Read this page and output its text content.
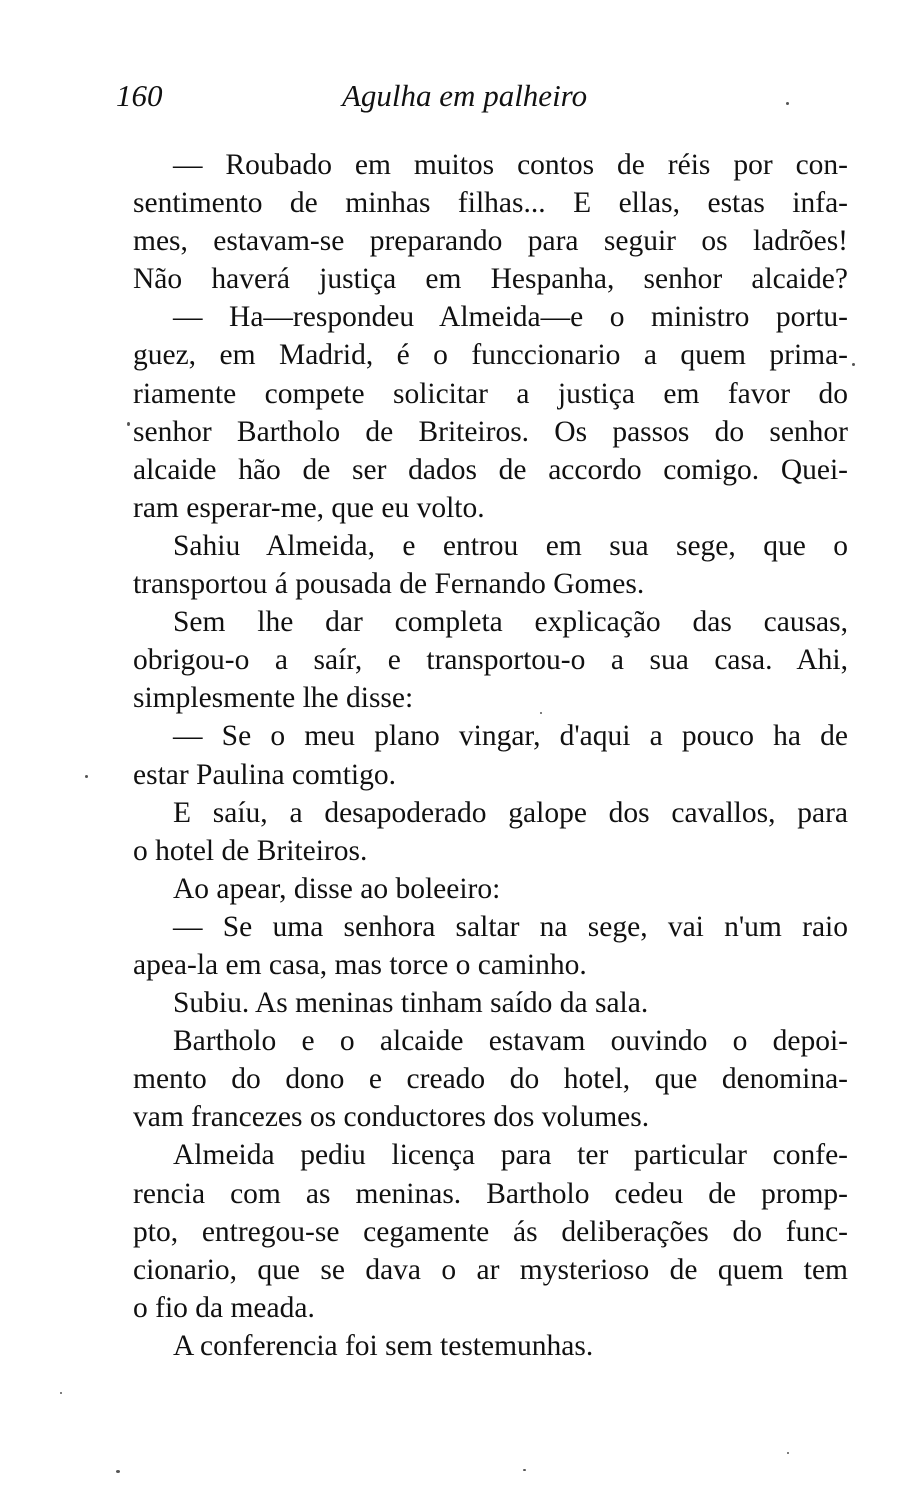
160	Agulha em palheiro
— Roubado em muitos contos de réis por con-
sentimento de minhas filhas... E ellas, estas infa-
mes, estavam-se preparando para seguir os ladrões!
Não haverá justiça em Hespanha, senhor alcaide?
— Ha—respondeu Almeida—e o ministro portu-
guez, em Madrid, é o funccionario a quem prima-
riamente compete solicitar a justiça em favor do
senhor Bartholo de Briteiros. Os passos do senhor
alcaide hão de ser dados de accordo comigo. Quei-
ram esperar-me, que eu volto.
Sahiu Almeida, e entrou em sua sege, que o
transportou á pousada de Fernando Gomes.
Sem lhe dar completa explicação das causas,
obrigou-o a saír, e transportou-o a sua casa. Ahi,
simplesmente lhe disse:
— Se o meu plano vingar, d'aqui a pouco ha de
estar Paulina comtigo.
E saíu, a desapoderado galope dos cavallos, para
o hotel de Briteiros.
Ao apear, disse ao boleeiro:
— Se uma senhora saltar na sege, vai n'um raio
apea-la em casa, mas torce o caminho.
Subiu. As meninas tinham saído da sala.
Bartholo e o alcaide estavam ouvindo o depoi-
mento do dono e creado do hotel, que denomina-
vam francezes os conductores dos volumes.
Almeida pediu licença para ter particular confe-
rencia com as meninas. Bartholo cedeu de promp-
pto, entregou-se cegamente ás deliberações do func-
cionario, que se dava o ar mysterioso de quem tem
o fio da meada.
A conferencia foi sem testemunhas.
